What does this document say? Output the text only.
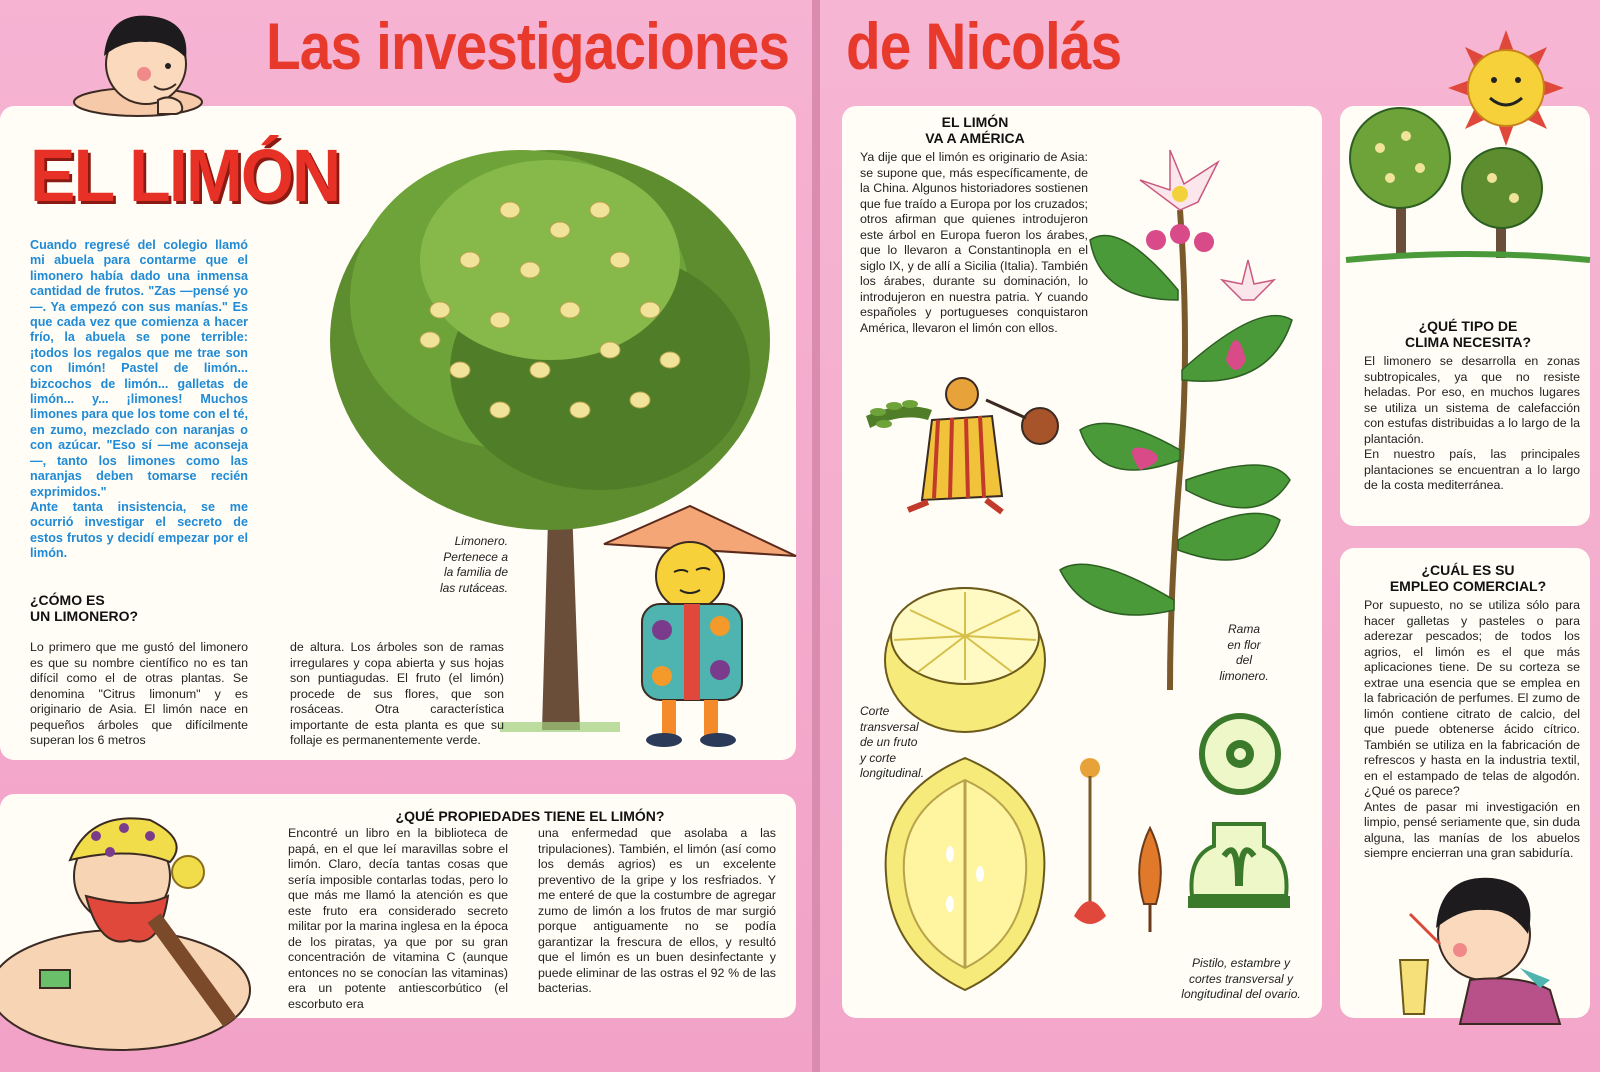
Las investigaciones de Nicolás
EL LIMÓN
Cuando regresé del colegio llamó mi abuela para contarme que el limonero había dado una inmensa cantidad de frutos. "Zas —pensé yo—. Ya empezó con sus manías." Es que cada vez que comienza a hacer frío, la abuela se pone terrible: ¡todos los regalos que me trae son con limón! Pastel de limón... bizcochos de limón... galletas de limón... y... ¡limones! Muchos limones para que los tome con el té, en zumo, mezclado con naranjas o con azúcar. "Eso sí —me aconseja—, tanto los limones como las naranjas deben tomarse recién exprimidos."
Ante tanta insistencia, se me ocurrió investigar el secreto de estos frutos y decidí empezar por el limón.
Limonero.
Pertenece a
la familia de
las rutáceas.
¿CÓMO ES
UN LIMONERO?
Lo primero que me gustó del limonero es que su nombre científico no es tan difícil como el de otras plantas. Se denomina "Citrus limonum" y es originario de Asia. El limón nace en pequeños árboles que difícilmente superan los 6 metros
de altura. Los árboles son de ramas irregulares y copa abierta y sus hojas son puntiagudas. El fruto (el limón) procede de sus flores, que son rosáceas. Otra característica importante de esta planta es que su follaje es permanentemente verde.
¿QUÉ PROPIEDADES TIENE EL LIMÓN?
Encontré un libro en la biblioteca de papá, en el que leí maravillas sobre el limón. Claro, decía tantas cosas que sería imposible contarlas todas, pero lo que más me llamó la atención es que este fruto era considerado secreto militar por la marina inglesa en la época de los piratas, ya que por su gran concentración de vitamina C (aunque entonces no se conocían las vitaminas) era un potente antiescorbútico (el escorbuto era
una enfermedad que asolaba a las tripulaciones). También, el limón (así como los demás agrios) es un excelente preventivo de la gripe y los resfriados. Y me enteré de que la costumbre de agregar zumo de limón a los frutos de mar surgió porque antiguamente no se podía garantizar la frescura de ellos, y resultó que el limón es un buen desinfectante y puede eliminar de las ostras el 92 % de las bacterias.
EL LIMÓN
VA A AMÉRICA
Ya dije que el limón es originario de Asia: se supone que, más específicamente, de la China. Algunos historiadores sostienen que fue traído a Europa por los cruzados; otros afirman que quienes introdujeron este árbol en Europa fueron los árabes, que lo llevaron a Constantinopla en el siglo IX, y de allí a Sicilia (Italia). También los árabes, durante su dominación, lo introdujeron en nuestra patria. Y cuando españoles y portugueses conquistaron América, llevaron el limón con ellos.
Rama
en flor
del
limonero.
Corte
transversal
de un fruto
y corte
longitudinal.
Pistilo, estambre y
cortes transversal y
longitudinal del ovario.
¿QUÉ TIPO DE
CLIMA NECESITA?
El limonero se desarrolla en zonas subtropicales, ya que no resiste heladas. Por eso, en muchos lugares se utiliza un sistema de calefacción con estufas distribuidas a lo largo de la plantación.
En nuestro país, las principales plantaciones se encuentran a lo largo de la costa mediterránea.
¿CUÁL ES SU
EMPLEO COMERCIAL?
Por supuesto, no se utiliza sólo para hacer galletas y pasteles o para aderezar pescados; de todos los agrios, el limón es el que más aplicaciones tiene. De su corteza se extrae una esencia que se emplea en la fabricación de perfumes. El zumo de limón contiene citrato de calcio, del que puede obtenerse ácido cítrico. También se utiliza en la fabricación de refrescos y hasta en la industria textil, en el estampado de telas de algodón. ¿Qué os parece?
Antes de pasar mi investigación en limpio, pensé seriamente que, sin duda alguna, las manías de los abuelos siempre encierran una gran sabiduría.
